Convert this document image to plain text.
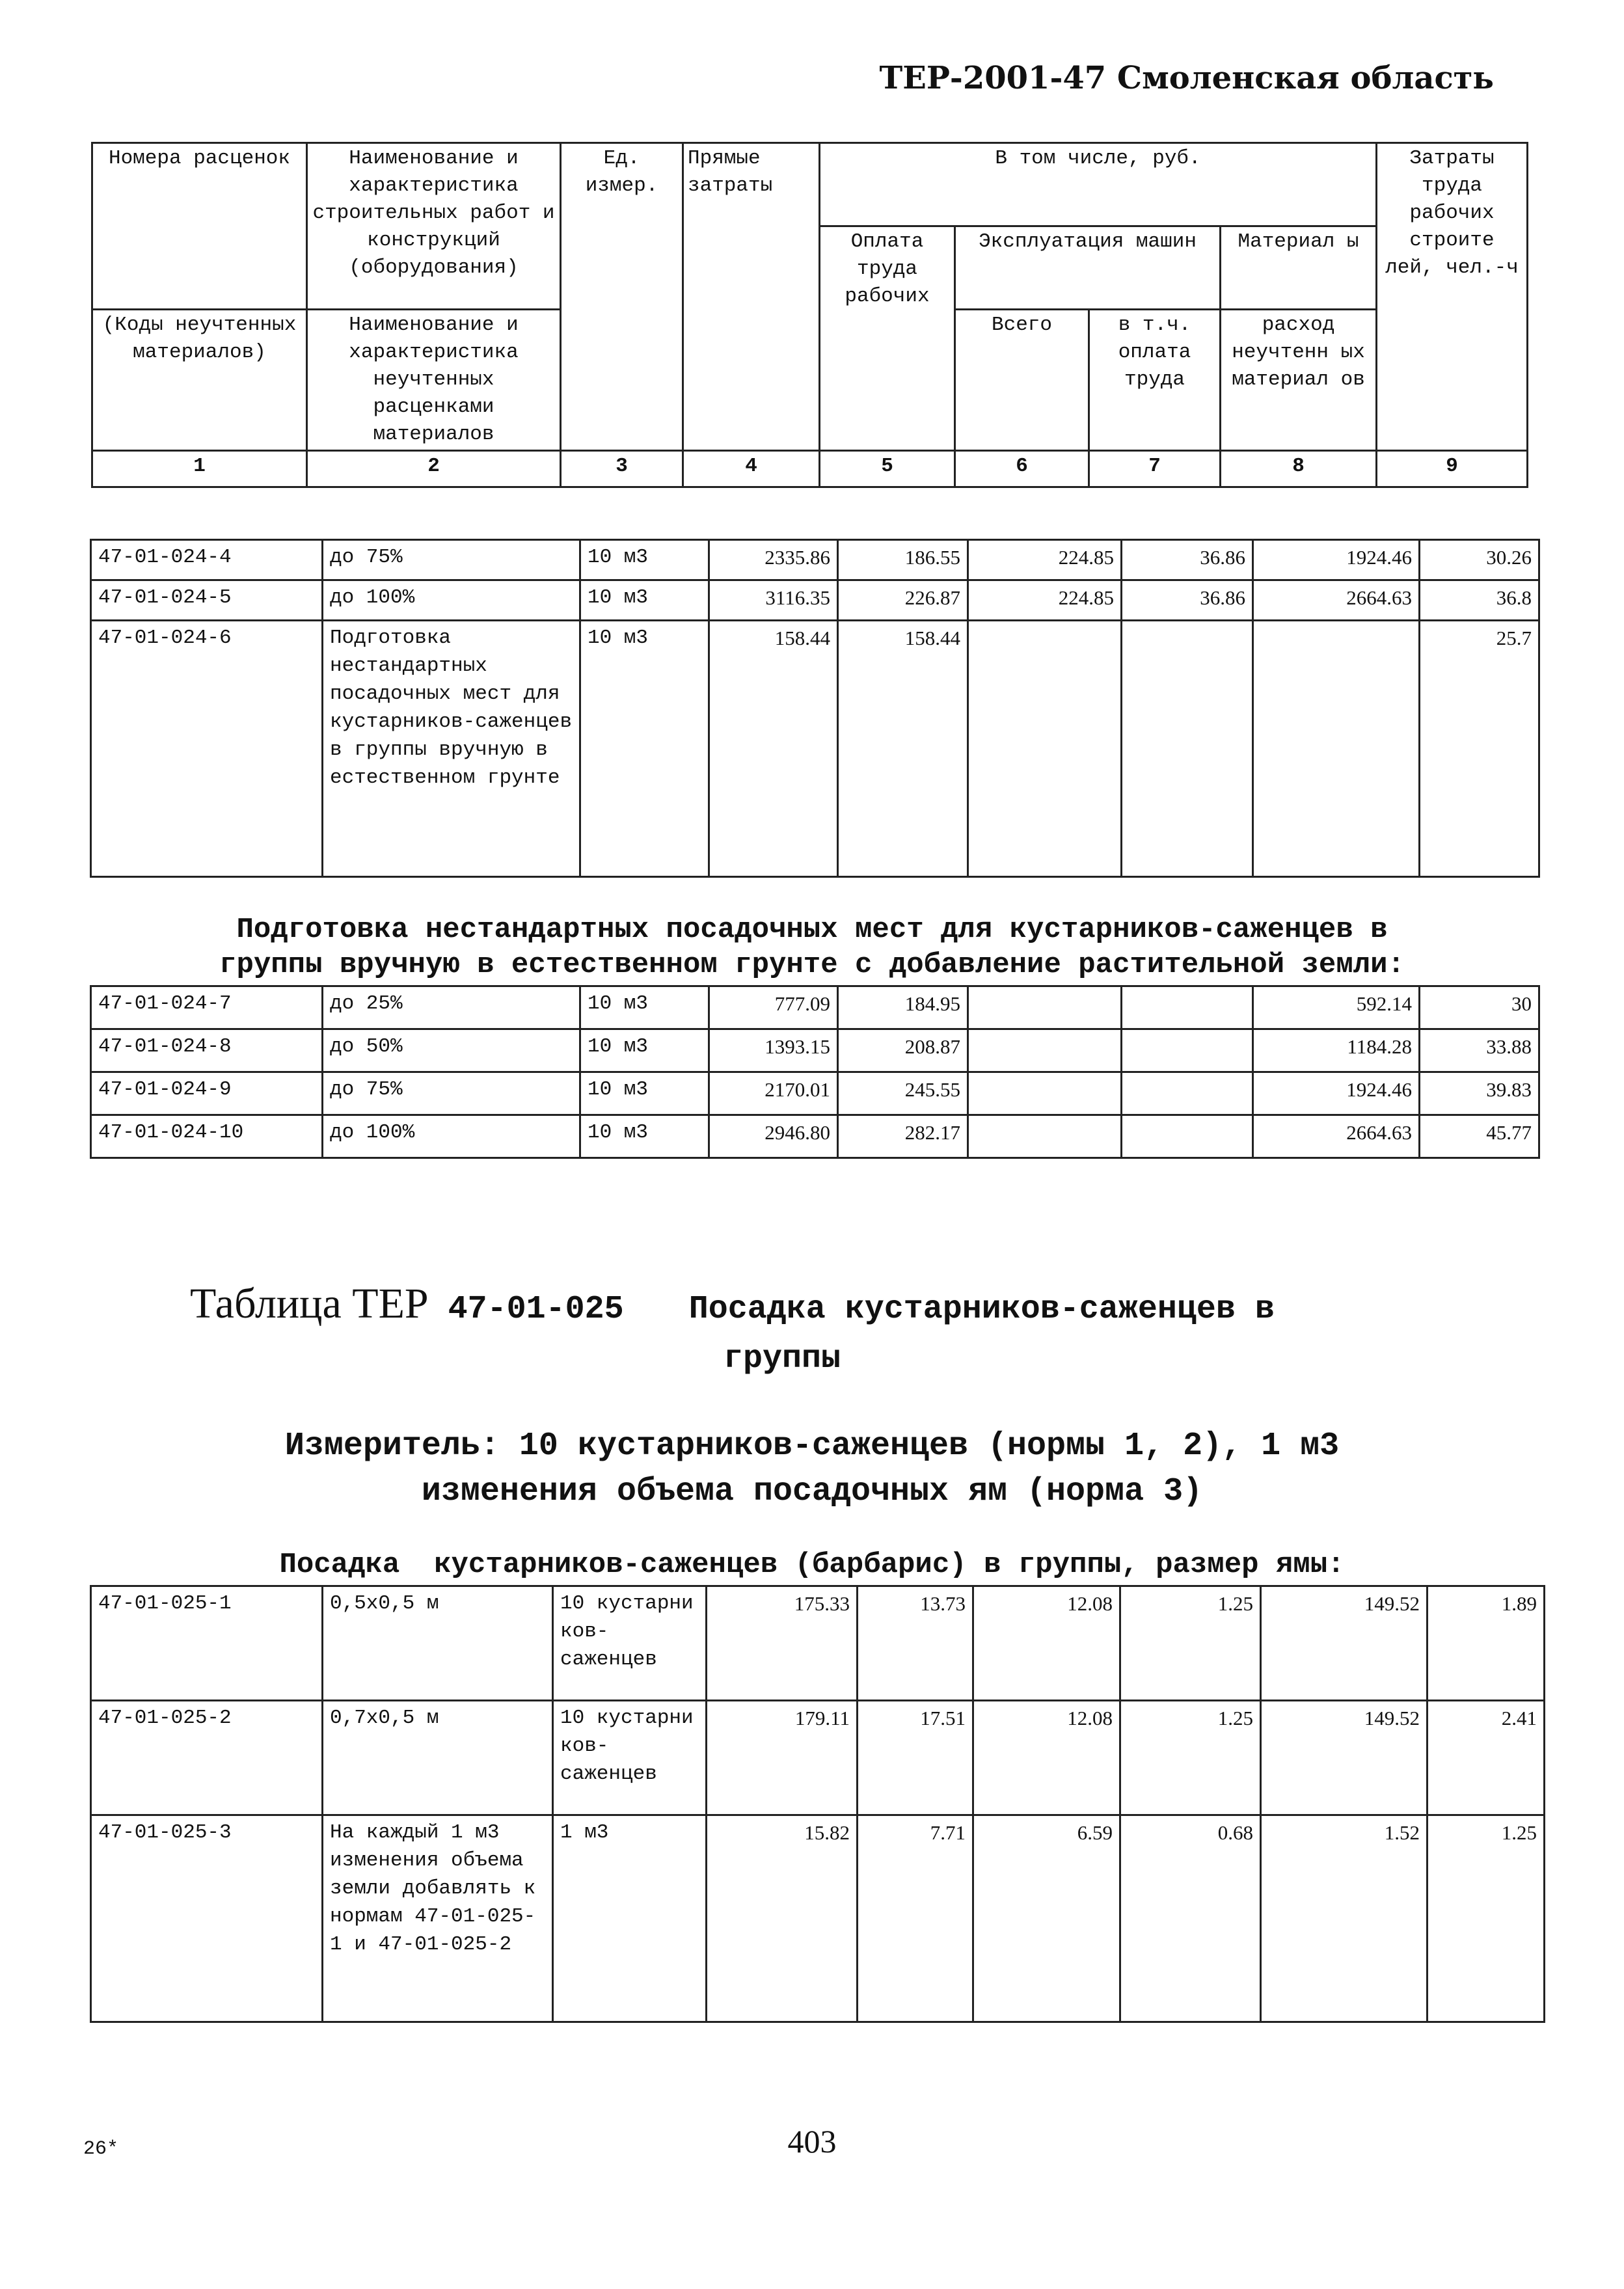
ТЕР-2001-47 Смоленская область
Номера расценок	Наименование и характеристика строительных работ и конструкций (оборудования)	Ед. измер.	Прямые затраты	В том числе, руб.				Затраты труда рабочих строите лей, чел.-ч
				Оплата труда рабочих	Эксплуатация машин		Материал ы	
(Коды неучтенных материалов)	Наименование и характеристика неучтенных расценками материалов				Всего	в т.ч. оплата труда	расход неучтенн ых материал ов	

1	2	3	4	5	6	7	8	9
47-01-024-4	до 75%	10 м3	2335.86	186.55	224.85	36.86	1924.46	30.26
47-01-024-5	до 100%	10 м3	3116.35	226.87	224.85	36.86	2664.63	36.8
47-01-024-6	Подготовка нестандартных посадочных мест для кустарников-саженцев в группы вручную в естественном грунте	10 м3	158.44	158.44				25.7
Подготовка нестандартных посадочных мест для кустарников-саженцев в
группы вручную в естественном грунте с добавление растительной земли:
47-01-024-7	до 25%	10 м3	777.09	184.95			592.14	30
47-01-024-8	до 50%	10 м3	1393.15	208.87			1184.28	33.88
47-01-024-9	до 75%	10 м3	2170.01	245.55			1924.46	39.83
47-01-024-10	до 100%	10 м3	2946.80	282.17			2664.63	45.77
Таблица ТЕР 47-01-025 Посадка кустарников-саженцев в
группы
Измеритель: 10 кустарников-саженцев (нормы 1, 2), 1 м3
изменения объема посадочных ям (норма 3)
Посадка  кустарников-саженцев (барбарис) в группы, размер ямы:
47-01-025-1	0,5х0,5 м	10 кустарни ков-саженцев	175.33	13.73	12.08	1.25	149.52	1.89
47-01-025-2	0,7х0,5 м	10 кустарни ков-саженцев	179.11	17.51	12.08	1.25	149.52	2.41
47-01-025-3	На каждый 1 м3 изменения объема земли добавлять к нормам 47-01-025-1 и 47-01-025-2	1 м3	15.82	7.71	6.59	0.68	1.52	1.25
26*	403
